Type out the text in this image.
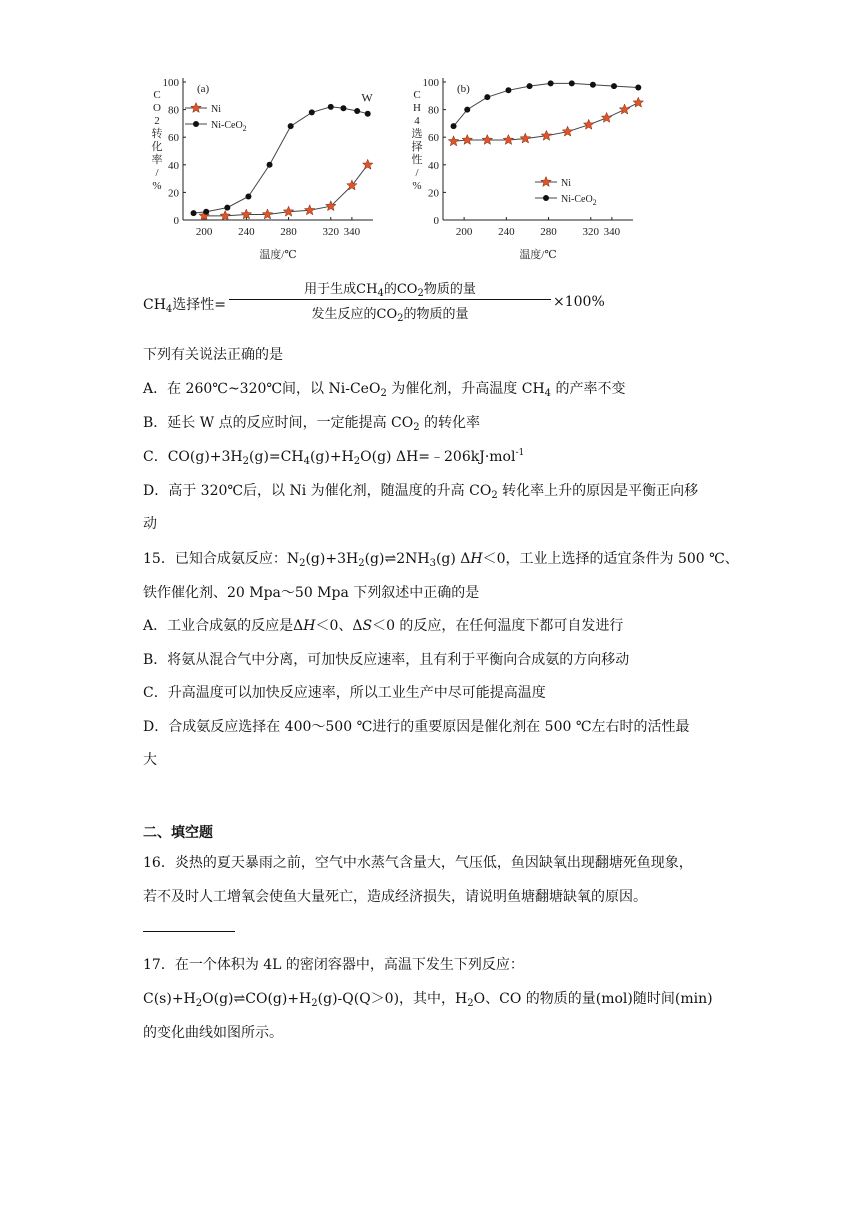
0
20
40
60
80
100
200 240 280 320 340
温度/℃
C O 2 转化率/ %
(a)
Ni
Ni-CeO$_2$
W
0
20
40
60
80
100
200 240 280 320 340
温度/℃
C H 4 选择性/ %
(b)
Ni
Ni-CeO$_2$
$CH_4$选择性=
用于生成$CH_4$的$CO_2$物质的量
发生反应的$CO_2$的物质的量
×100%
下列有关说法正确的是
A．在 260℃~320℃间，以 Ni-CeO$_2$ 为催化剂，升高温度 $CH_4$ 的产率不变
B．延长 W 点的反应时间，一定能提高 $CO_2$ 的转化率
C．$CO(g)+3H_2(g)=CH_4(g)+H_2O(g)$ ΔH=﹣206kJ·mol$^{-1}$
D．高于 320℃后，以 Ni 为催化剂，随温度的升高 $CO_2$ 转化率上升的原因是平衡正向移
动
15．已知合成氨反应：$N_2(g)+3H_2(g)\rightleftharpoons 2NH_3(g)$ ΔH＜0，工业上选择的适宜条件为 500 ℃、
铁作催化剂、20 Mpa～50 Mpa 下列叙述中正确的是
A．工业合成氨的反应是ΔH＜0、ΔS＜0 的反应，在任何温度下都可自发进行
B．将氨从混合气中分离，可加快反应速率，且有利于平衡向合成氨的方向移动
C．升高温度可以加快反应速率，所以工业生产中尽可能提高温度
D．合成氨反应选择在 400～500 ℃进行的重要原因是催化剂在 500 ℃左右时的活性最
大
二、填空题
16．炎热的夏天暴雨之前，空气中水蒸气含量大，气压低，鱼因缺氧出现翻塘死鱼现象，
若不及时人工增氧会使鱼大量死亡，造成经济损失，请说明鱼塘翻塘缺氧的原因。
17．在一个体积为 4L 的密闭容器中，高温下发生下列反应：
$C(s)+H_2O(g)\rightleftharpoons CO(g)+H_2(g)-Q(Q>0)$，其中，$H_2O$、CO 的物质的量(mol)随时间(min)
的变化曲线如图所示。
